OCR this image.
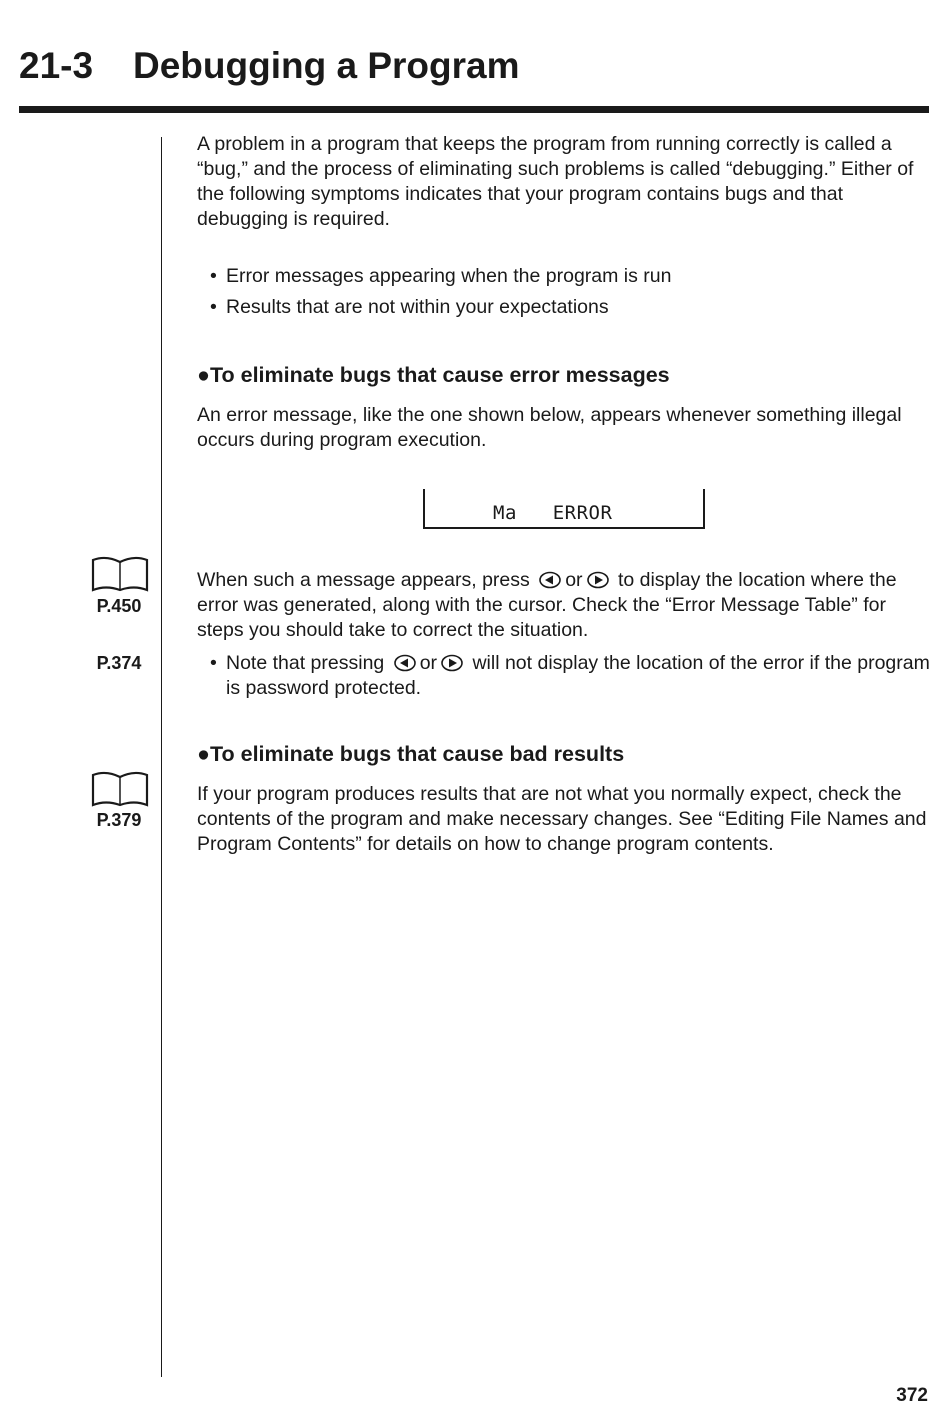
21-3 Debugging a Program

A problem in a program that keeps the program from running correctly is called a “bug,” and the process of eliminating such problems is called “debugging.” Either of the following symptoms indicates that your program contains bugs and that debugging is required.

• Error messages appearing when the program is run
• Results that are not within your expectations
●To eliminate bugs that cause error messages

An error message, like the one shown below, appears whenever something illegal occurs during program execution.

Ma   ERROR
P.450

When such a message appears, press or to display the location where the error was generated, along with the cursor. Check the “Error Message Table” for steps you should take to correct the situation.

P.374	• Note that pressing or will not display the location of the error if the program is password protected.
●To eliminate bugs that cause bad results
P.379

If your program produces results that are not what you normally expect, check the contents of the program and make necessary changes. See “Editing File Names and Program Contents” for details on how to change program contents.

372
